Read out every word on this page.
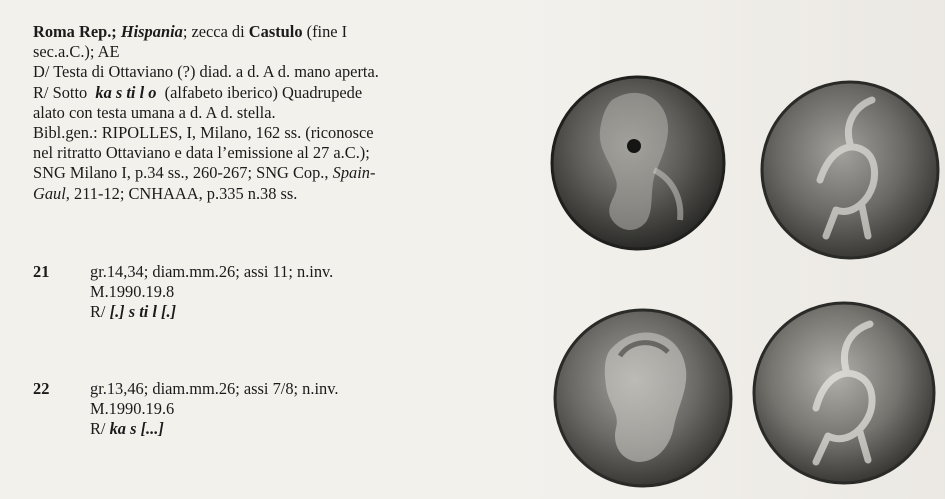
Roma Rep.; Hispania; zecca di Castulo (fine I

sec.a.C.); AE

D/ Testa di Ottaviano (?) diad. a d. A d. mano aperta.

R/ Sotto ka s ti l o (alfabeto iberico) Quadrupede

alato con testa umana a d. A d. stella.

Bibl.gen.: RIPOLLES, I, Milano, 162 ss. (riconosce

nel ritratto Ottaviano e data l’emissione al 27 a.C.);

SNG Milano I, p.34 ss., 260-267; SNG Cop., Spain-

Gaul, 211-12; CNHAAA, p.335 n.38 ss.

21 gr.14,34; diam.mm.26; assi 11; n.inv.

M.1990.19.8

R/ [.] s ti l [.]

22 gr.13,46; diam.mm.26; assi 7/8; n.inv.

M.1990.19.6

R/ ka s [...]
